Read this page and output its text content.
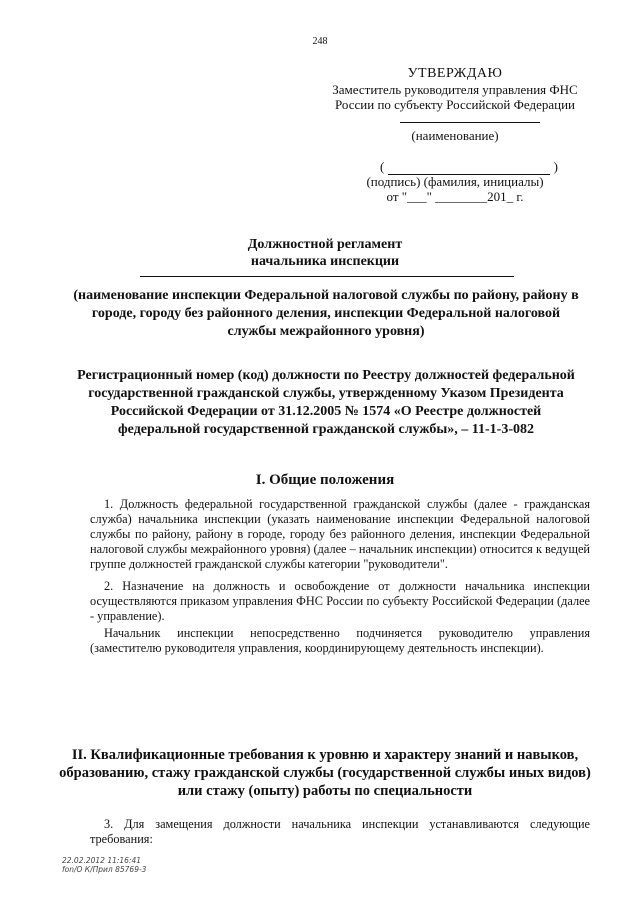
248
УТВЕРЖДАЮ
Заместитель руководителя управления ФНС
России по субъекту Российской Федерации
(наименование)
(	)
(подпись) (фамилия, инициалы)
от "___" ________201_ г.
Должностной регламент
начальника инспекции
(наименование инспекции Федеральной налоговой службы по району, району в городе, городу без районного деления, инспекции Федеральной налоговой службы межрайонного уровня)
Регистрационный номер (код) должности по Реестру должностей федеральной государственной гражданской службы, утвержденному Указом Президента Российской Федерации от 31.12.2005 № 1574 «О Реестре должностей федеральной государственной гражданской службы», – 11-1-3-082
I. Общие положения
1. Должность федеральной государственной гражданской службы (далее - гражданская служба) начальника инспекции (указать наименование инспекции Федеральной налоговой службы по району, району в городе, городу без районного деления, инспекции Федеральной налоговой службы межрайонного уровня) (далее – начальник инспекции) относится к ведущей группе должностей гражданской службы категории "руководители".
2. Назначение на должность и освобождение от должности начальника инспекции осуществляются приказом управления ФНС России по субъекту Российской Федерации (далее - управление).
Начальник инспекции непосредственно подчиняется руководителю управления (заместителю руководителя управления, координирующему деятельность инспекции).
II. Квалификационные требования к уровню и характеру знаний и навыков, образованию, стажу гражданской службы (государственной службы иных видов) или стажу (опыту) работы по специальности
3. Для замещения должности начальника инспекции устанавливаются следующие требования:
22.02.2012 11:16:41
fon/O К/Прил 85769-3
